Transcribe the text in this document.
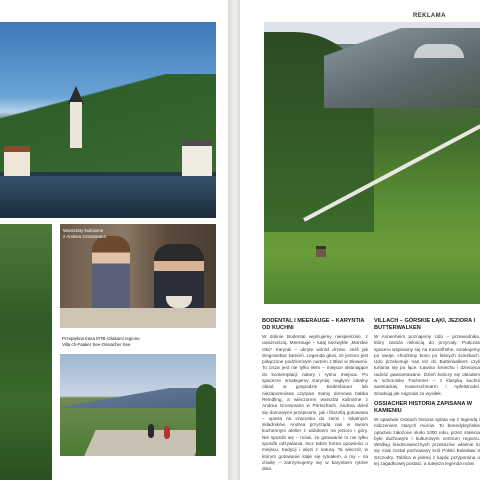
Warsztaty kulinarne
z Andrea Grossmann
Przepiękna trasa MTB szlakami regionu
Villa ch-Faaker See-Ossiacher See
REKLAMA
BODENTAL I MEERAUGE – KARYNTIA OD KUCHNI
W dolinie Bodental wędrujemy niespiesznie, z uważnością. Meerauge – tutaj niezwykłe „Morskie Oko” Karyntii – ukryte wśród drzew. Jeśli jak drogowskaz kamień. Legenda głosi, że jezioro jest połączone podziemnym nurtem z Bled w Słowenii. To cisza jest nie tylko tłem – miejsce skłaniające do kontemplacji natury i rytmu miejsca. Po spacerze smakujemy Karyntię nagłymi lokalny obiad w gospodzie Bodenbauer lub niezapomniana czytywa mamy domowa babka Reindling, a wieczorem warsztat kulinarne z Andrea Grossmann w Pörtschach. Andrea dzieli się domowymi przepisami, jak i filozofią gotowania – opartą na szacunku do ziemi i lokalnych składników. Andrea przyrząda nas w swoim kuchennym atelier z widokiem na jezioro i góry. Nie sposób się – mówi, że gotowanie to nie tylko sposób odżywiania, lecz także forma opowieści o miejscu, tradycji i więzi z naturą. Ta wieczór, w którym gotowanie staje się rytuałem, a my – na chwilę – zatrzymujemy się w karyntiem rytmie dnia.
VILLACH – GÓRSKIE ŁĄKI, JEZIORA I BUTTERWALKEN
W Annenheim poznajemy Udo – przewodnika, który zaraża miłością do przyrody. Podczas spaceru wspinamy się na Kanzelhöhe, smakujemy po swoje, chodzimy boso po leśnych ścieżkach. Udo przekonuje nas też do Butterwalkers czyli turlania się po łące. Ławina śmiechu i dziecięca radość gwarantowane. Dzień kończy się obiadem w schronisku Fachener – z klasyką kuchni austriackiej Kaiserschmarrn i Apfelstrudel. Smakują jak nagroda za wysiłek.
OSSIACHER HISTORIA ZAPISANA W KAMIENIU
W opactwie Ossiach historia splata się z legendą i milczeniem starych murów. To benedyktyńskie opactwo założone około 1000 roku, przez stulecia było duchowym i kulturowym centrum regionu. Według średniowiecznych przekazów właśnie tu się miał został pochowany król Polski Bolesław II Szczodry. Tablica w jednej z kaplic przypomina o tej zagadkowej postaci, a tutejsza legenda mówi
